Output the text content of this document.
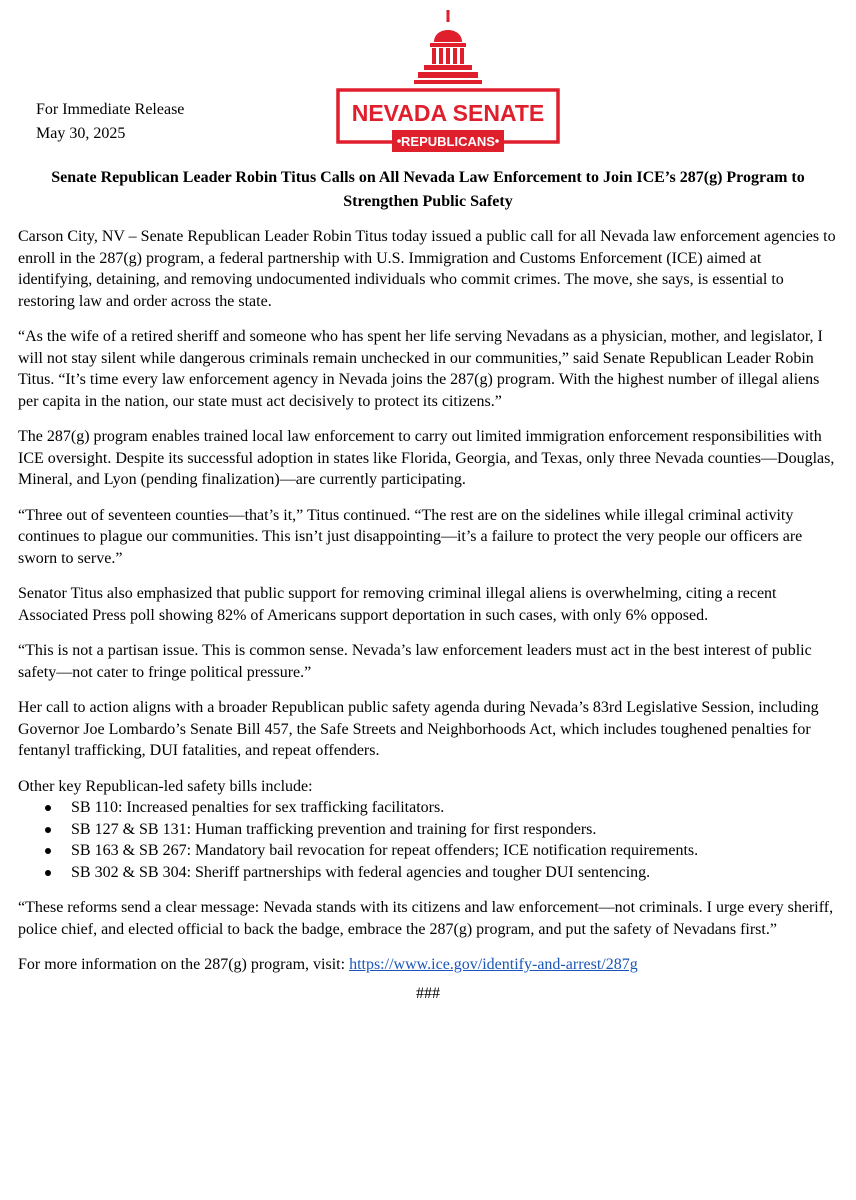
For Immediate Release
May 30, 2025
NEVADA SENATE
REPUBLICANS
Senate Republican Leader Robin Titus Calls on All Nevada Law Enforcement to Join ICE’s 287(g) Program to Strengthen Public Safety

Carson City, NV – Senate Republican Leader Robin Titus today issued a public call for all Nevada law enforcement agencies to enroll in the 287(g) program, a federal partnership with U.S. Immigration and Customs Enforcement (ICE) aimed at identifying, detaining, and removing undocumented individuals who commit crimes. The move, she says, is essential to restoring law and order across the state.

“As the wife of a retired sheriff and someone who has spent her life serving Nevadans as a physician, mother, and legislator, I will not stay silent while dangerous criminals remain unchecked in our communities,” said Senate Republican Leader Robin Titus. “It’s time every law enforcement agency in Nevada joins the 287(g) program. With the highest number of illegal aliens per capita in the nation, our state must act decisively to protect its citizens.”

The 287(g) program enables trained local law enforcement to carry out limited immigration enforcement responsibilities with ICE oversight. Despite its successful adoption in states like Florida, Georgia, and Texas, only three Nevada counties—Douglas, Mineral, and Lyon (pending finalization)—are currently participating.

“Three out of seventeen counties—that’s it,” Titus continued. “The rest are on the sidelines while illegal criminal activity continues to plague our communities. This isn’t just disappointing—it’s a failure to protect the very people our officers are sworn to serve.”

Senator Titus also emphasized that public support for removing criminal illegal aliens is overwhelming, citing a recent Associated Press poll showing 82% of Americans support deportation in such cases, with only 6% opposed.

“This is not a partisan issue. This is common sense. Nevada’s law enforcement leaders must act in the best interest of public safety—not cater to fringe political pressure.”

Her call to action aligns with a broader Republican public safety agenda during Nevada’s 83rd Legislative Session, including Governor Joe Lombardo’s Senate Bill 457, the Safe Streets and Neighborhoods Act, which includes toughened penalties for fentanyl trafficking, DUI fatalities, and repeat offenders.

Other key Republican-led safety bills include:

SB 110: Increased penalties for sex trafficking facilitators.
SB 127 & SB 131: Human trafficking prevention and training for first responders.
SB 163 & SB 267: Mandatory bail revocation for repeat offenders; ICE notification requirements.
SB 302 & SB 304: Sheriff partnerships with federal agencies and tougher DUI sentencing.

“These reforms send a clear message: Nevada stands with its citizens and law enforcement—not criminals. I urge every sheriff, police chief, and elected official to back the badge, embrace the 287(g) program, and put the safety of Nevadans first.”

For more information on the 287(g) program, visit: https://www.ice.gov/identify-and-arrest/287g

###
